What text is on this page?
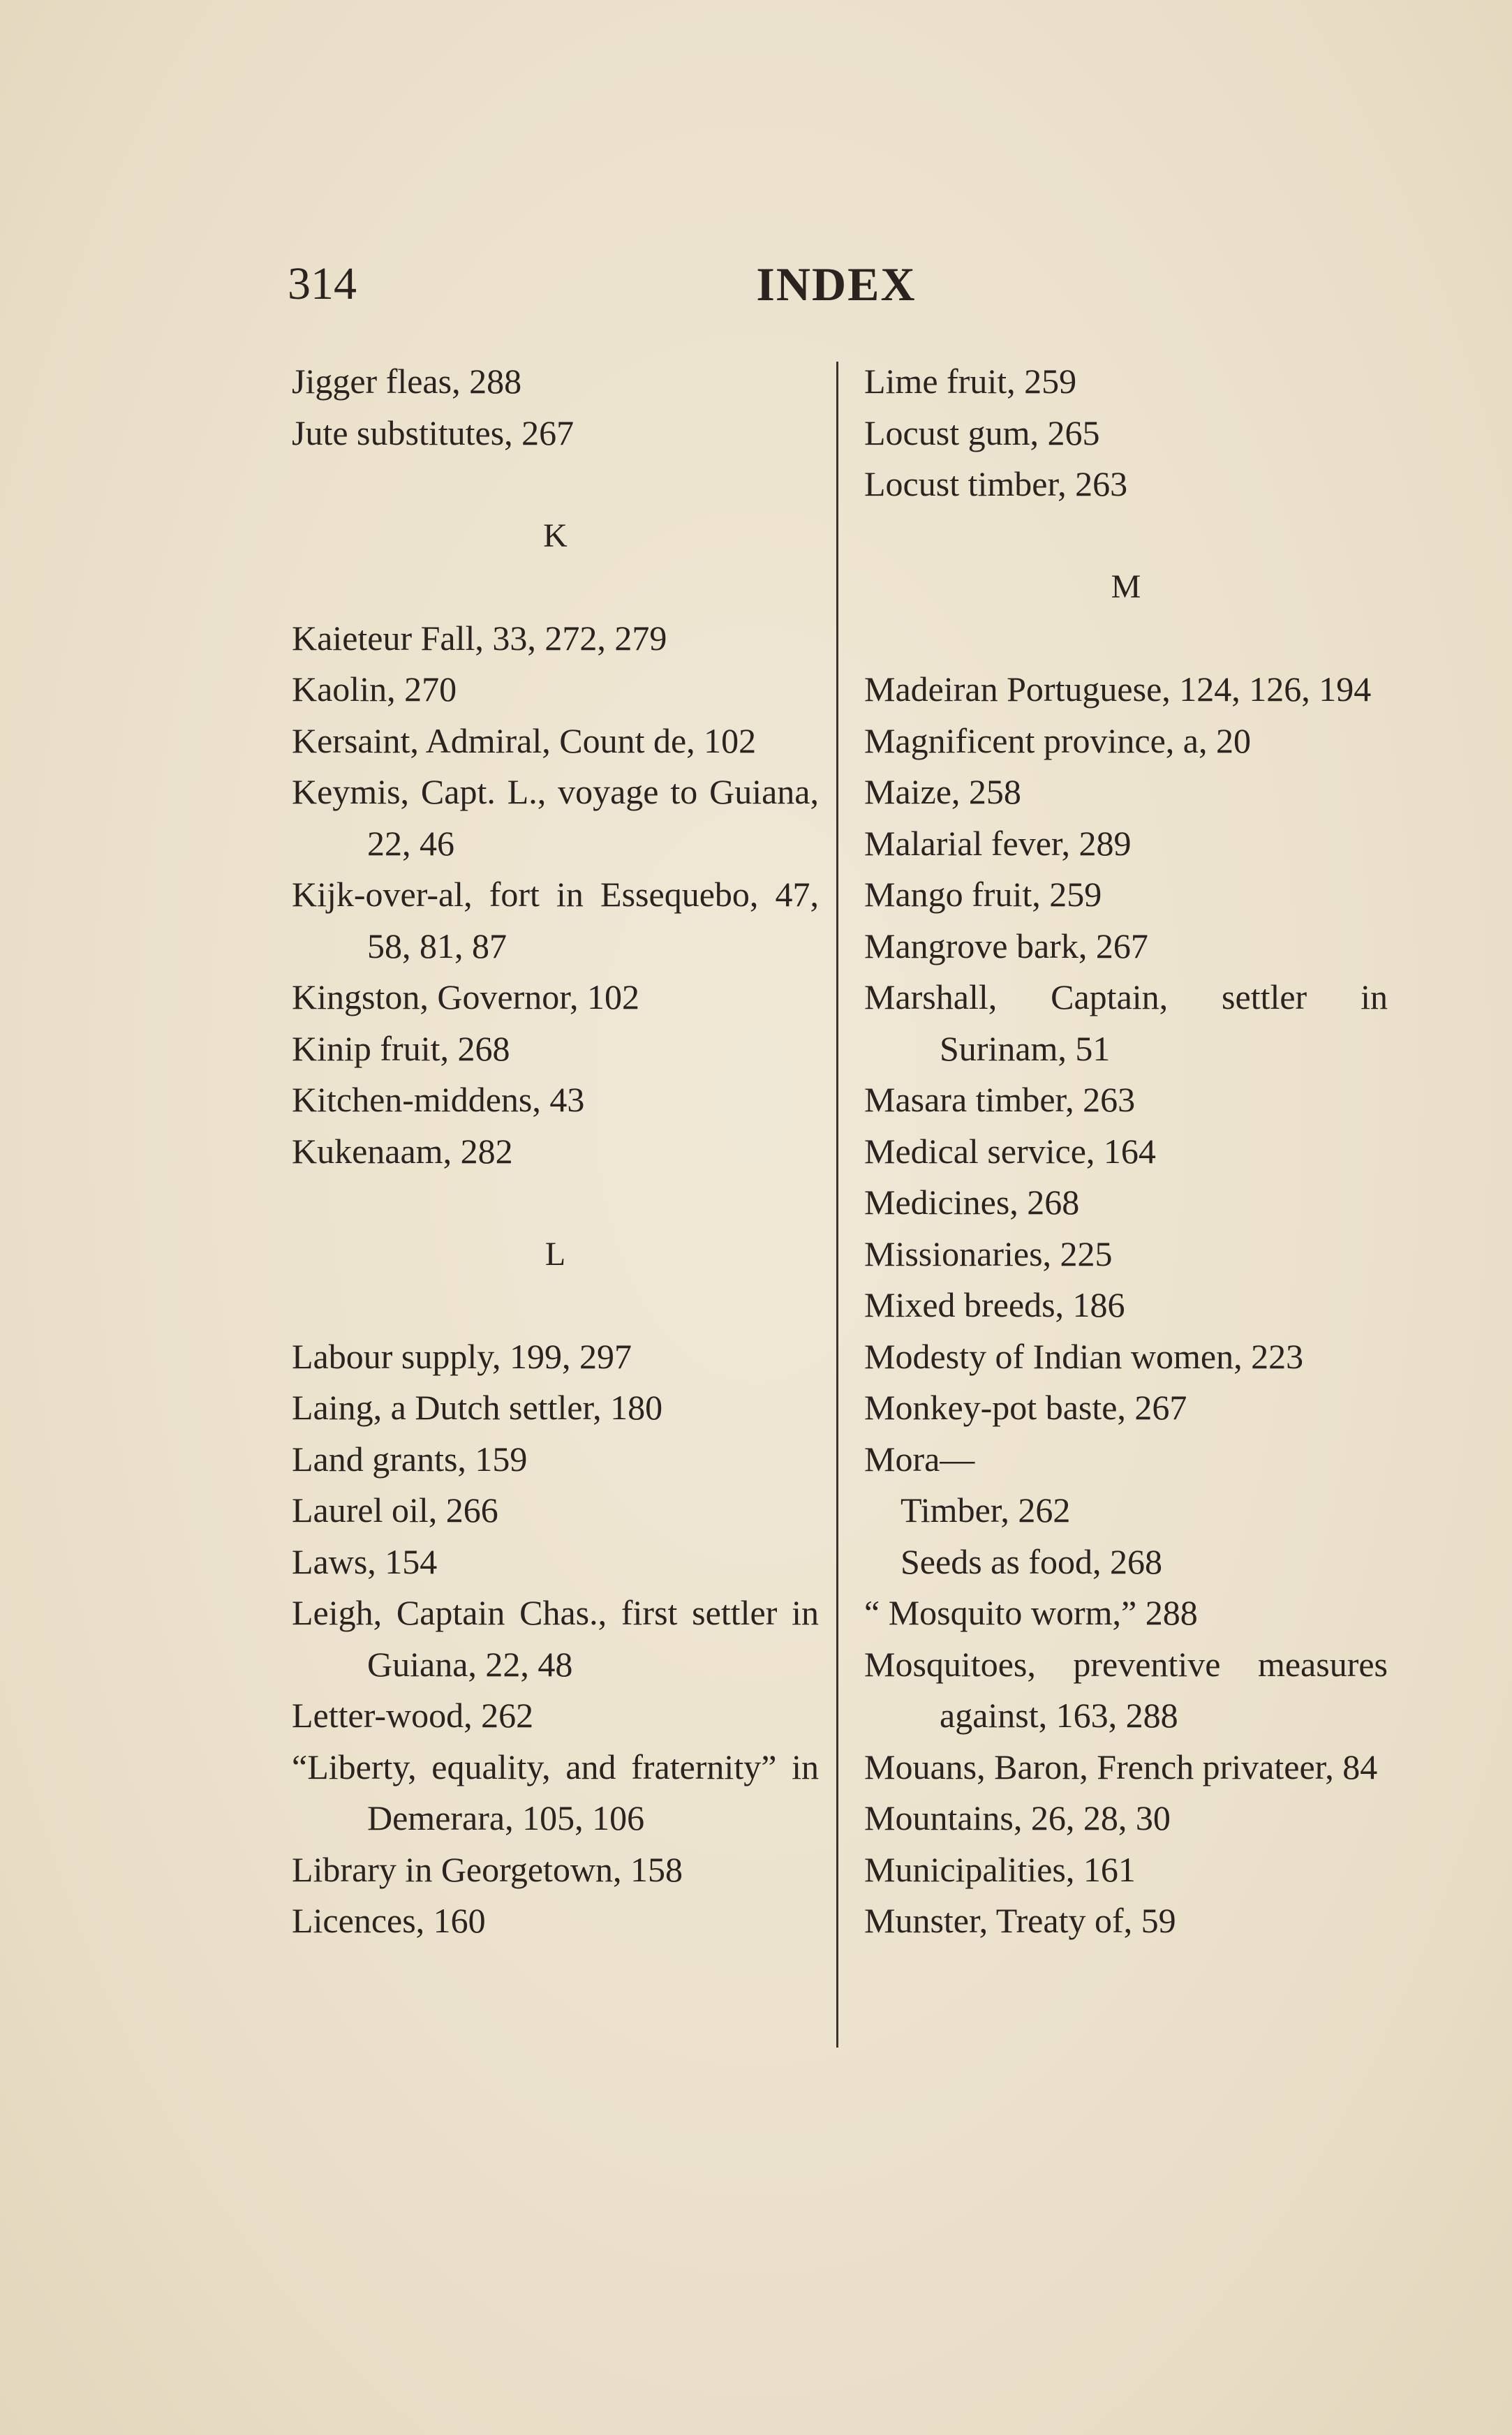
314	INDEX
Jigger fleas, 288
Jute substitutes, 267
K
Kaieteur Fall, 33, 272, 279
Kaolin, 270
Kersaint, Admiral, Count de, 102
Keymis, Capt. L., voyage to Guiana, 22, 46
Kijk-over-al, fort in Essequebo, 47, 58, 81, 87
Kingston, Governor, 102
Kinip fruit, 268
Kitchen-middens, 43
Kukenaam, 282
L
Labour supply, 199, 297
Laing, a Dutch settler, 180
Land grants, 159
Laurel oil, 266
Laws, 154
Leigh, Captain Chas., first settler in Guiana, 22, 48
Letter-wood, 262
“Liberty, equality, and fraternity” in Demerara, 105, 106
Library in Georgetown, 158
Licences, 160
Lime fruit, 259
Locust gum, 265
Locust timber, 263
M
Madeiran Portuguese, 124, 126, 194
Magnificent province, a, 20
Maize, 258
Malarial fever, 289
Mango fruit, 259
Mangrove bark, 267
Marshall, Captain, settler in Surinam, 51
Masara timber, 263
Medical service, 164
Medicines, 268
Missionaries, 225
Mixed breeds, 186
Modesty of Indian women, 223
Monkey-pot baste, 267
Mora—
Timber, 262
Seeds as food, 268
“ Mosquito worm,” 288
Mosquitoes, preventive measures against, 163, 288
Mouans, Baron, French privateer, 84
Mountains, 26, 28, 30
Municipalities, 161
Munster, Treaty of, 59
